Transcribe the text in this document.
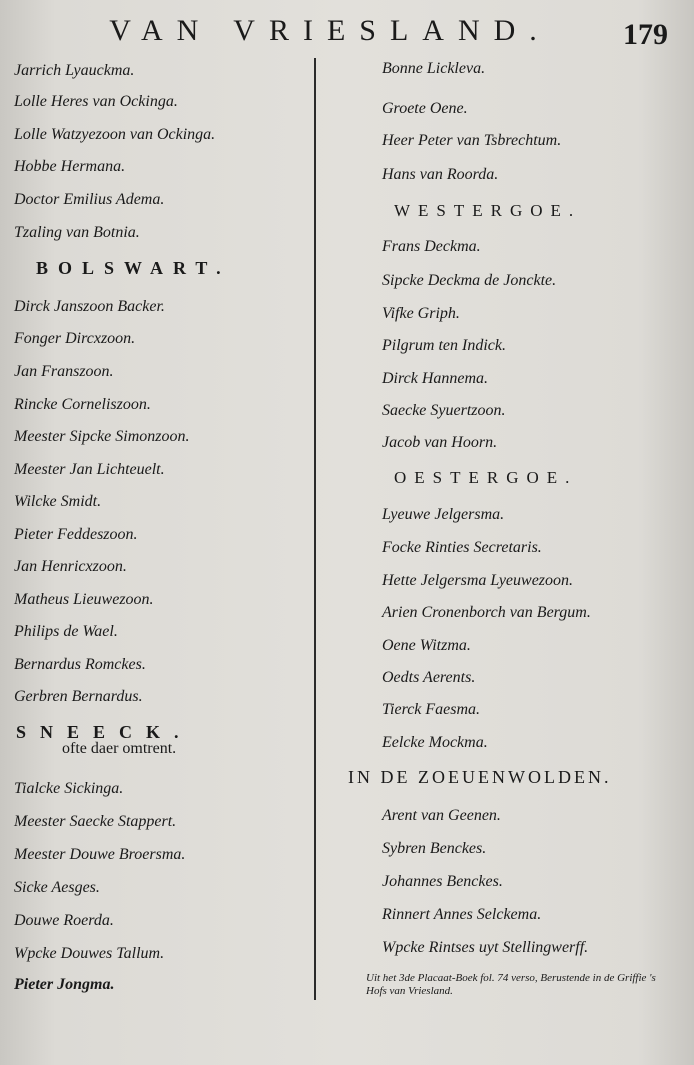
VAN VRIESLAND.	179
Jarrich Lyauckma.
Lolle Heres van Ockinga.
Lolle Watzyezoon van Ockinga.
Hobbe Hermana.
Doctor Emilius Adema.
Tzaling van Botnia.
BOLSWART.
Dirck Janszoon Backer.
Fonger Dircxzoon.
Jan Franszoon.
Rincke Corneliszoon.
Meester Sipcke Simonzoon.
Meester Jan Lichteuelt.
Wilcke Smidt.
Pieter Feddeszoon.
Jan Henricxzoon.
Matheus Lieuwezoon.
Philips de Wael.
Bernardus Romckes.
Gerbren Bernardus.
SNEECK.
ofte daer omtrent.
Tialcke Sickinga.
Meester Saecke Stappert.
Meester Douwe Broersma.
Sicke Aesges.
Douwe Roerda.
Wpcke Douwes Tallum.
Pieter Jongma.
Bonne Lickleva.
Groete Oene.
Heer Peter van Tsbrechtum.
Hans van Roorda.
WESTERGOE.
Frans Deckma.
Sipcke Deckma de Jonckte.
Vifke Griph.
Pilgrum ten Indick.
Dirck Hannema.
Saecke Syuertzoon.
Jacob van Hoorn.
OESTERGOE.
Lyeuwe Jelgersma.
Focke Rinties Secretaris.
Hette Jelgersma Lyeuwezoon.
Arien Cronenborch van Bergum.
Oene Witzma.
Oedts Aerents.
Tierck Faesma.
Eelcke Mockma.
IN DE ZOEUENWOLDEN.
Arent van Geenen.
Sybren Benckes.
Johannes Benckes.
Rinnert Annes Selckema.
Wpcke Rintses uyt Stellingwerff.
Uit het 3de Placaat-Boek fol. 74 verso, Berustende in de Griffie 's Hofs van Vriesland.
